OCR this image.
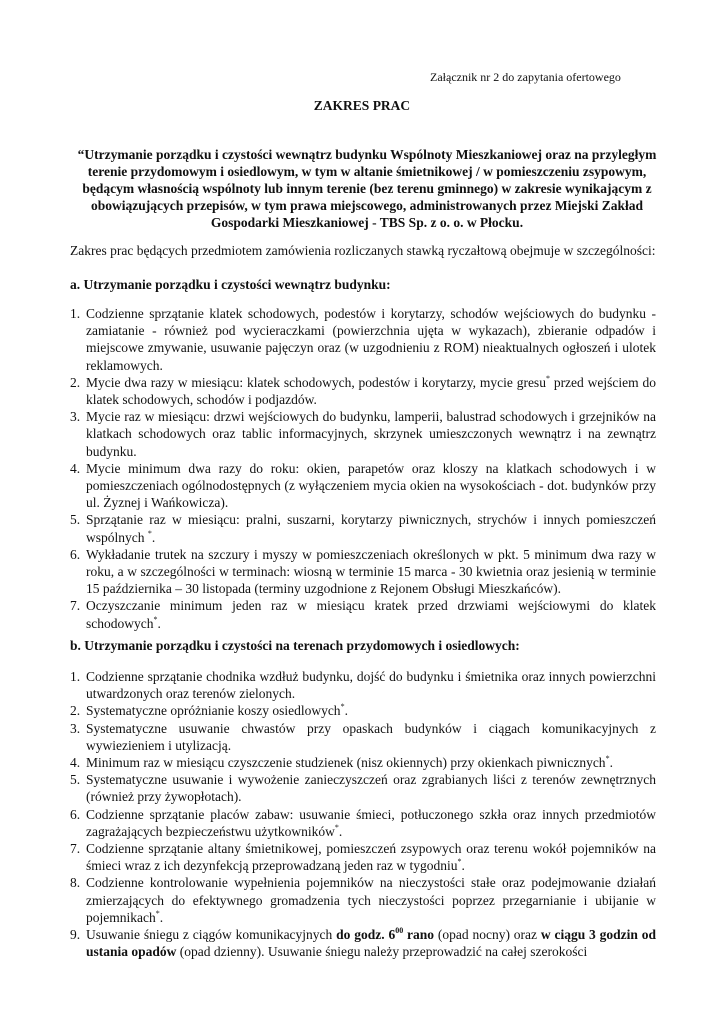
Załącznik nr 2 do zapytania ofertowego
ZAKRES PRAC
“Utrzymanie porządku i czystości wewnątrz budynku Wspólnoty Mieszkaniowej oraz na przyległym terenie przydomowym i osiedlowym, w tym w altanie śmietnikowej / w pomieszczeniu zsypowym, będącym własnością wspólnoty lub innym terenie (bez terenu gminnego) w zakresie wynikającym z obowiązujących przepisów, w tym prawa miejscowego, administrowanych przez Miejski Zakład Gospodarki Mieszkaniowej - TBS Sp. z o. o. w Płocku.
Zakres prac będących przedmiotem zamówienia rozliczanych stawką ryczałtową obejmuje w szczególności:
a. Utrzymanie porządku i czystości wewnątrz budynku:
1. Codzienne sprzątanie klatek schodowych, podestów i korytarzy, schodów wejściowych do budynku - zamiatanie - również pod wycieraczkami (powierzchnia ujęta w wykazach), zbieranie odpadów i miejscowe zmywanie, usuwanie pajęczyn oraz (w uzgodnieniu z ROM) nieaktualnych ogłoszeń i ulotek reklamowych.
2. Mycie dwa razy w miesiącu: klatek schodowych, podestów i korytarzy, mycie gresu* przed wejściem do klatek schodowych, schodów i podjazdów.
3. Mycie raz w miesiącu: drzwi wejściowych do budynku, lamperii, balustrad schodowych i grzejników na klatkach schodowych oraz tablic informacyjnych, skrzynek umieszczonych wewnątrz i na zewnątrz budynku.
4. Mycie minimum dwa razy do roku: okien, parapetów oraz kloszy na klatkach schodowych i w pomieszczeniach ogólnodostępnych (z wyłączeniem mycia okien na wysokościach - dot. budynków przy ul. Żyznej i Wańkowicza).
5. Sprzątanie raz w miesiącu: pralni, suszarni, korytarzy piwnicznych, strychów i innych pomieszczeń wspólnych *.
6. Wykładanie trutek na szczury i myszy w pomieszczeniach określonych w pkt. 5 minimum dwa razy w roku, a w szczególności w terminach: wiosną w terminie 15 marca - 30 kwietnia oraz jesienią w terminie 15 października – 30 listopada (terminy uzgodnione z Rejonem Obsługi Mieszkańców).
7. Oczyszczanie minimum jeden raz w miesiącu kratek przed drzwiami wejściowymi do klatek schodowych*.
b. Utrzymanie porządku i czystości na terenach przydomowych i osiedlowych:
1. Codzienne sprzątanie chodnika wzdłuż budynku, dojść do budynku i śmietnika oraz innych powierzchni utwardzonych oraz terenów zielonych.
2. Systematyczne opróżnianie koszy osiedlowych*.
3. Systematyczne usuwanie chwastów przy opaskach budynków i ciągach komunikacyjnych z wywiezieniem i utylizacją.
4. Minimum raz w miesiącu czyszczenie studzienek (nisz okiennych) przy okienkach piwnicznych*.
5. Systematyczne usuwanie i wywożenie zanieczyszczeń oraz zgrabianych liści z terenów zewnętrznych (również przy żywopłotach).
6. Codzienne sprzątanie placów zabaw: usuwanie śmieci, potłuczonego szkła oraz innych przedmiotów zagrażających bezpieczeństwu użytkowników*.
7. Codzienne sprzątanie altany śmietnikowej, pomieszczeń zsypowych oraz terenu wokół pojemników na śmieci wraz z ich dezynfekcją przeprowadzaną jeden raz w tygodniu*.
8. Codzienne kontrolowanie wypełnienia pojemników na nieczystości stałe oraz podejmowanie działań zmierzających do efektywnego gromadzenia tych nieczystości poprzez przegarnianie i ubijanie w pojemnikach*.
9. Usuwanie śniegu z ciągów komunikacyjnych do godz. $6^{00}$ rano (opad nocny) oraz w ciągu 3 godzin od ustania opadów (opad dzienny). Usuwanie śniegu należy przeprowadzić na całej szerokości
